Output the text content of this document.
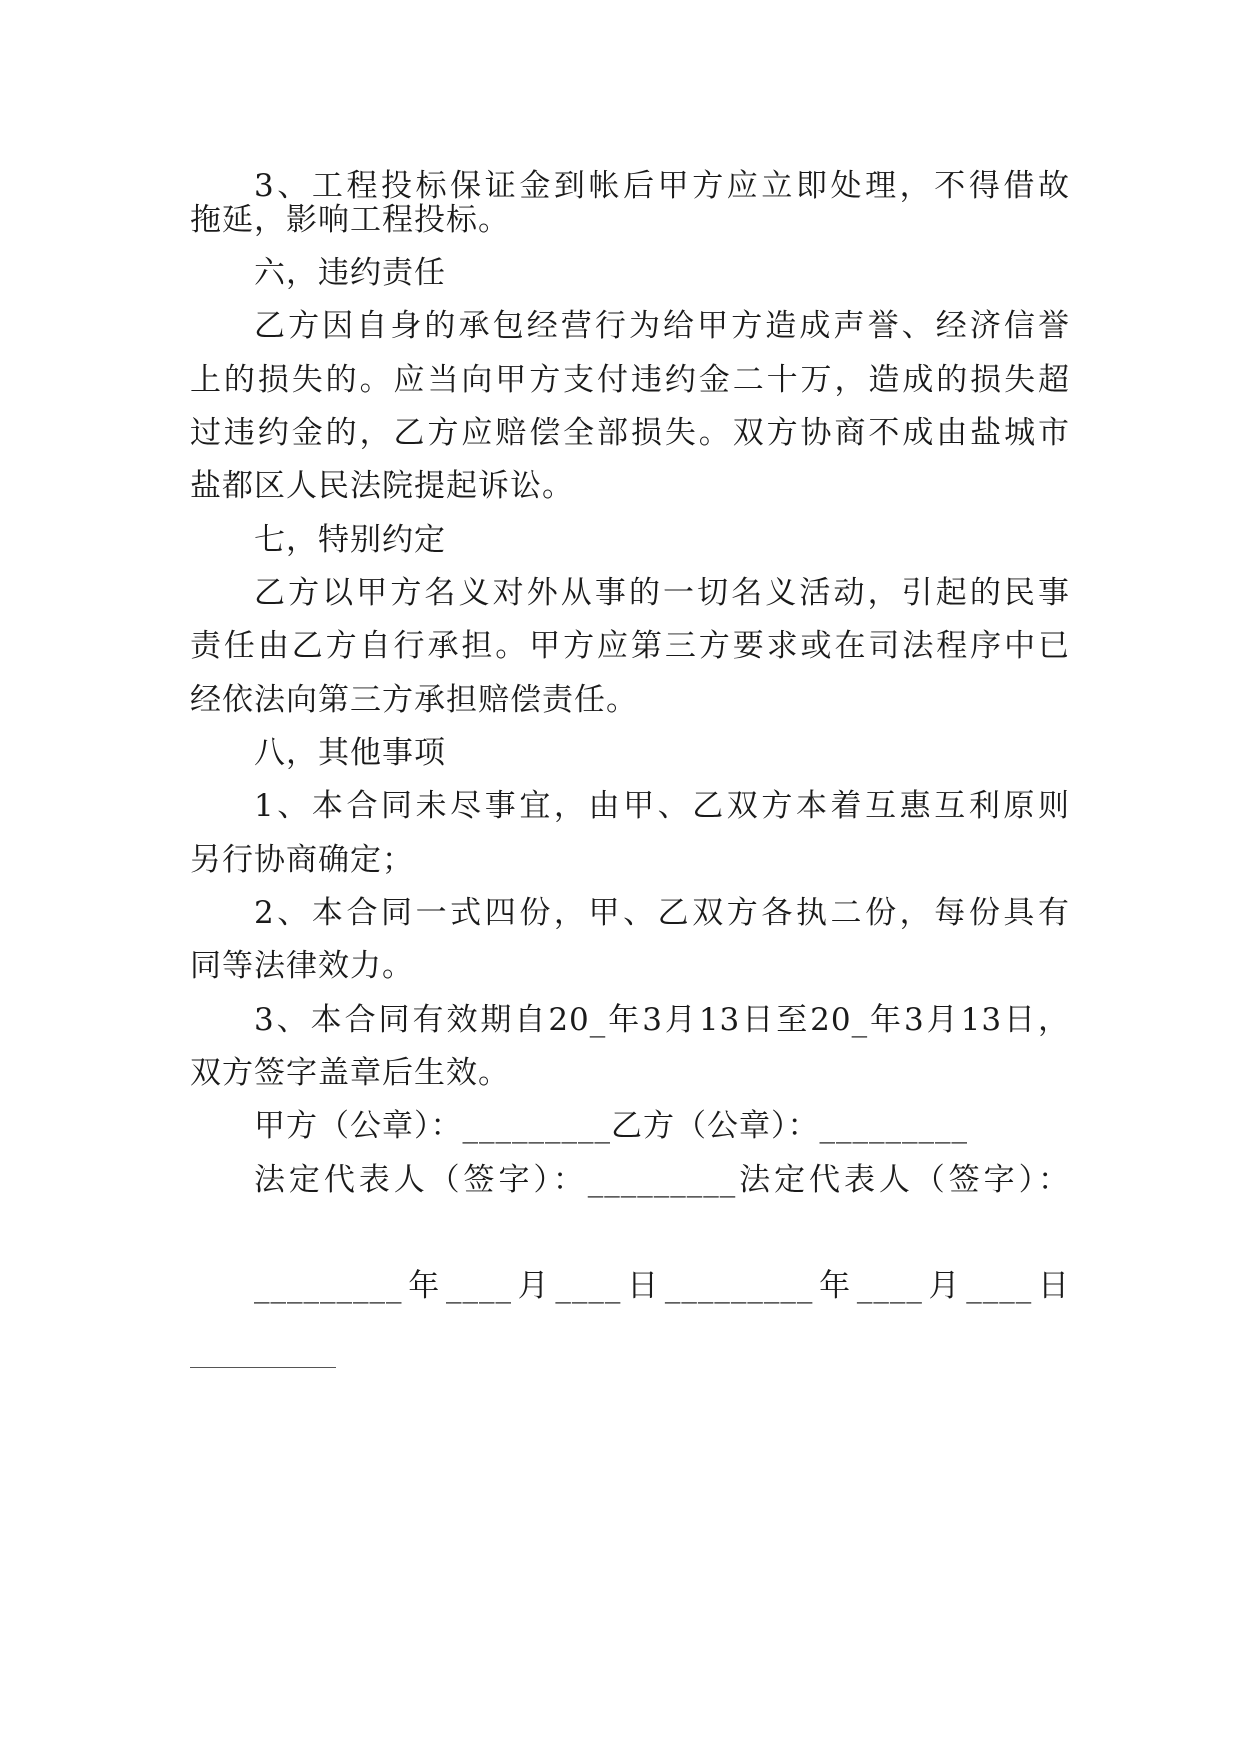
3、工程投标保证金到帐后甲方应立即处理，不得借故
拖延，影响工程投标。
六，违约责任
乙方因自身的承包经营行为给甲方造成声誉、经济信誉
上的损失的。应当向甲方支付违约金二十万，造成的损失超
过违约金的，乙方应赔偿全部损失。双方协商不成由盐城市
盐都区人民法院提起诉讼。
七，特别约定
乙方以甲方名义对外从事的一切名义活动，引起的民事
责任由乙方自行承担。甲方应第三方要求或在司法程序中已
经依法向第三方承担赔偿责任。
八，其他事项
1、本合同未尽事宜，由甲、乙双方本着互惠互利原则
另行协商确定；
2、本合同一式四份，甲、乙双方各执二份，每份具有
同等法律效力。
3、本合同有效期自20_年3月13日至20_年3月13日，
双方签字盖章后生效。
甲方（公章）：_________乙方（公章）：_________
法定代表人（签字）：_________法定代表人（签字）：
_________年____月____日_________年____月____日
